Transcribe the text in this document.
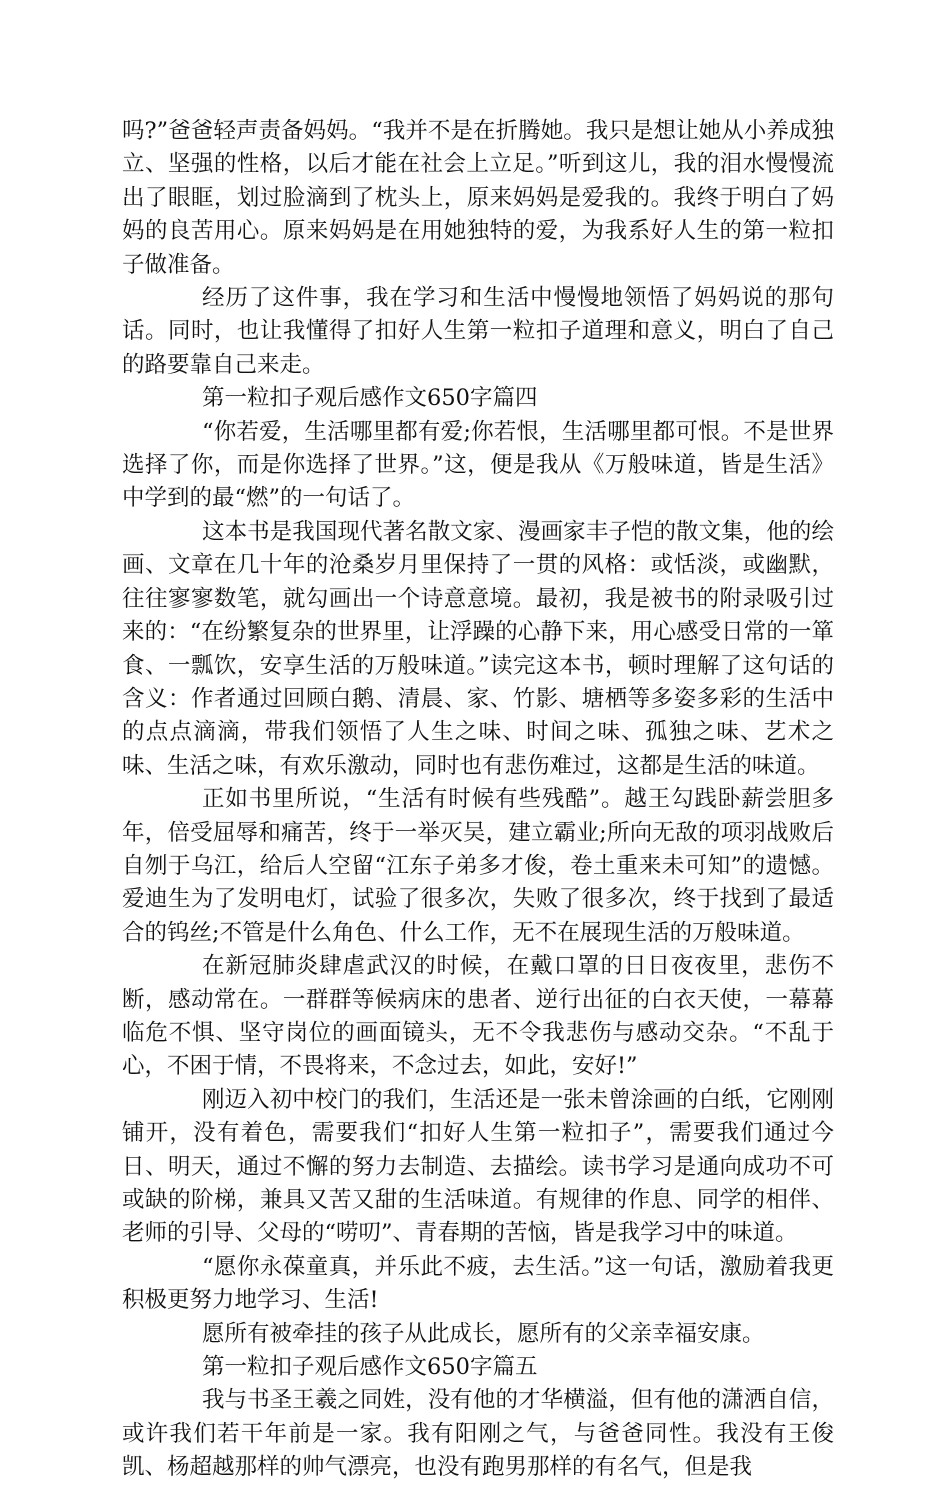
吗?”爸爸轻声责备妈妈。“我并不是在折腾她。我只是想让她从小养成独立、坚强的性格，以后才能在社会上立足。”听到这儿，我的泪水慢慢流出了眼眶，划过脸滴到了枕头上，原来妈妈是爱我的。我终于明白了妈妈的良苦用心。原来妈妈是在用她独特的爱，为我系好人生的第一粒扣子做准备。

经历了这件事，我在学习和生活中慢慢地领悟了妈妈说的那句话。同时，也让我懂得了扣好人生第一粒扣子道理和意义，明白了自己的路要靠自己来走。

第一粒扣子观后感作文650字篇四

“你若爱，生活哪里都有爱;你若恨，生活哪里都可恨。不是世界选择了你，而是你选择了世界。”这，便是我从《万般味道，皆是生活》中学到的最“燃”的一句话了。

这本书是我国现代著名散文家、漫画家丰子恺的散文集，他的绘画、文章在几十年的沧桑岁月里保持了一贯的风格：或恬淡，或幽默，往往寥寥数笔，就勾画出一个诗意意境。最初，我是被书的附录吸引过来的：“在纷繁复杂的世界里，让浮躁的心静下来，用心感受日常的一箪食、一瓢饮，安享生活的万般味道。”读完这本书，顿时理解了这句话的含义：作者通过回顾白鹅、清晨、家、竹影、塘栖等多姿多彩的生活中的点点滴滴，带我们领悟了人生之味、时间之味、孤独之味、艺术之味、生活之味，有欢乐激动，同时也有悲伤难过，这都是生活的味道。

正如书里所说，“生活有时候有些残酷”。越王勾践卧薪尝胆多年，倍受屈辱和痛苦，终于一举灭吴，建立霸业;所向无敌的项羽战败后自刎于乌江，给后人空留“江东子弟多才俊，卷土重来未可知”的遗憾。爱迪生为了发明电灯，试验了很多次，失败了很多次，终于找到了最适合的钨丝;不管是什么角色、什么工作，无不在展现生活的万般味道。

在新冠肺炎肆虐武汉的时候，在戴口罩的日日夜夜里，悲伤不断，感动常在。一群群等候病床的患者、逆行出征的白衣天使，一幕幕临危不惧、坚守岗位的画面镜头，无不令我悲伤与感动交杂。“不乱于心，不困于情，不畏将来，不念过去，如此，安好!”

刚迈入初中校门的我们，生活还是一张未曾涂画的白纸，它刚刚铺开，没有着色，需要我们“扣好人生第一粒扣子”，需要我们通过今日、明天，通过不懈的努力去制造、去描绘。读书学习是通向成功不可或缺的阶梯，兼具又苦又甜的生活味道。有规律的作息、同学的相伴、老师的引导、父母的“唠叨”、青春期的苦恼，皆是我学习中的味道。

“愿你永葆童真，并乐此不疲，去生活。”这一句话，激励着我更积极更努力地学习、生活!

愿所有被牵挂的孩子从此成长，愿所有的父亲幸福安康。

第一粒扣子观后感作文650字篇五

我与书圣王羲之同姓，没有他的才华横溢，但有他的潇洒自信，或许我们若干年前是一家。我有阳刚之气，与爸爸同性。我没有王俊凯、杨超越那样的帅气漂亮，也没有跑男那样的有名气，但是我
